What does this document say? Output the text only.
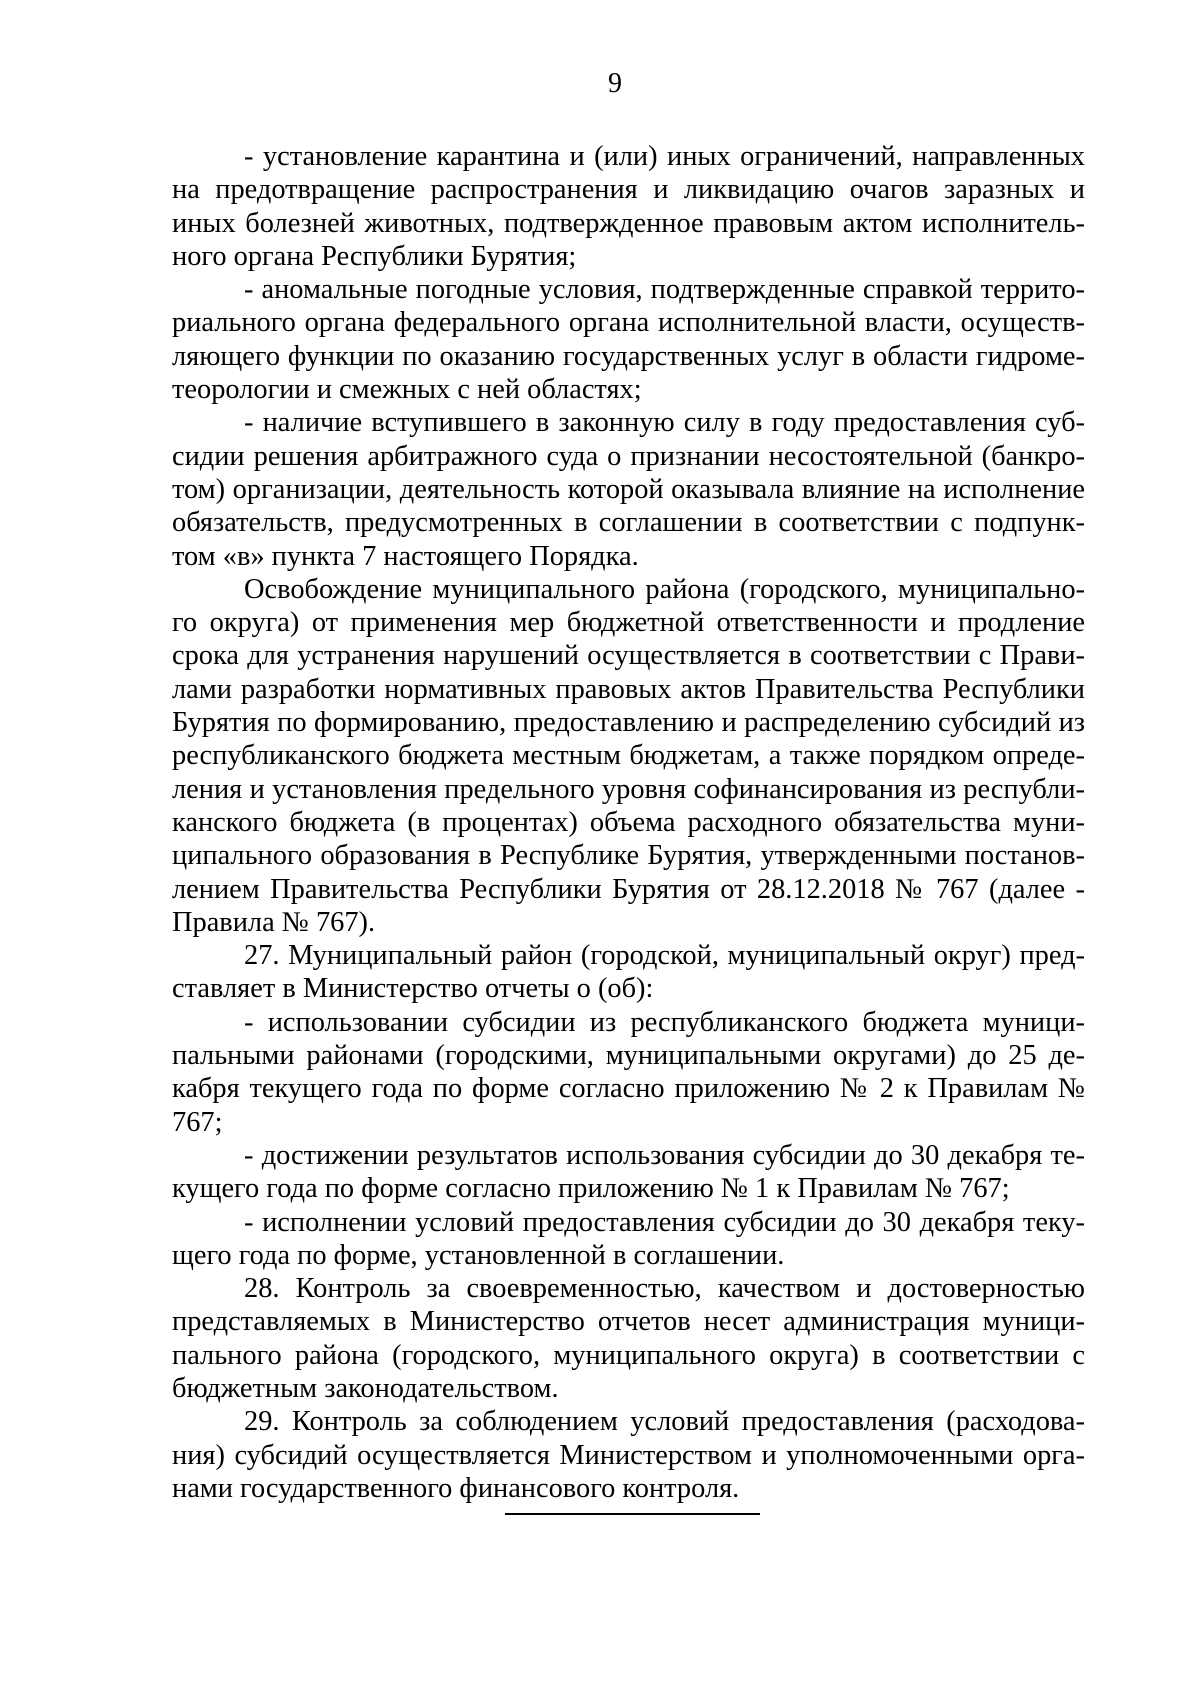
9

- установление карантина и (или) иных ограничений, направленных на предотвращение распространения и ликвидацию очагов заразных и иных болезней животных, подтвержденное правовым актом исполнительного органа Республики Бурятия;

- аномальные погодные условия, подтвержденные справкой территориального органа федерального органа исполнительной власти, осуществляющего функции по оказанию государственных услуг в области гидрометеорологии и смежных с ней областях;

- наличие вступившего в законную силу в году предоставления субсидии решения арбитражного суда о признании несостоятельной (банкротом) организации, деятельность которой оказывала влияние на исполнение обязательств, предусмотренных в соглашении в соответствии с подпунктом «в» пункта 7 настоящего Порядка.

Освобождение муниципального района (городского, муниципального округа) от применения мер бюджетной ответственности и продление срока для устранения нарушений осуществляется в соответствии с Правилами разработки нормативных правовых актов Правительства Республики Бурятия по формированию, предоставлению и распределению субсидий из республиканского бюджета местным бюджетам, а также порядком определения и установления предельного уровня софинансирования из республиканского бюджета (в процентах) объема расходного обязательства муниципального образования в Республике Бурятия, утвержденными постановлением Правительства Республики Бурятия от 28.12.2018 № 767 (далее - Правила № 767).

27. Муниципальный район (городской, муниципальный округ) представляет в Министерство отчеты о (об):

- использовании субсидии из республиканского бюджета муниципальными районами (городскими, муниципальными округами) до 25 декабря текущего года по форме согласно приложению № 2 к Правилам № 767;

- достижении результатов использования субсидии до 30 декабря текущего года по форме согласно приложению № 1 к Правилам № 767;

- исполнении условий предоставления субсидии до 30 декабря текущего года по форме, установленной в соглашении.

28. Контроль за своевременностью, качеством и достоверностью представляемых в Министерство отчетов несет администрация муниципального района (городского, муниципального округа) в соответствии с бюджетным законодательством.

29. Контроль за соблюдением условий предоставления (расходования) субсидий осуществляется Министерством и уполномоченными органами государственного финансового контроля.
